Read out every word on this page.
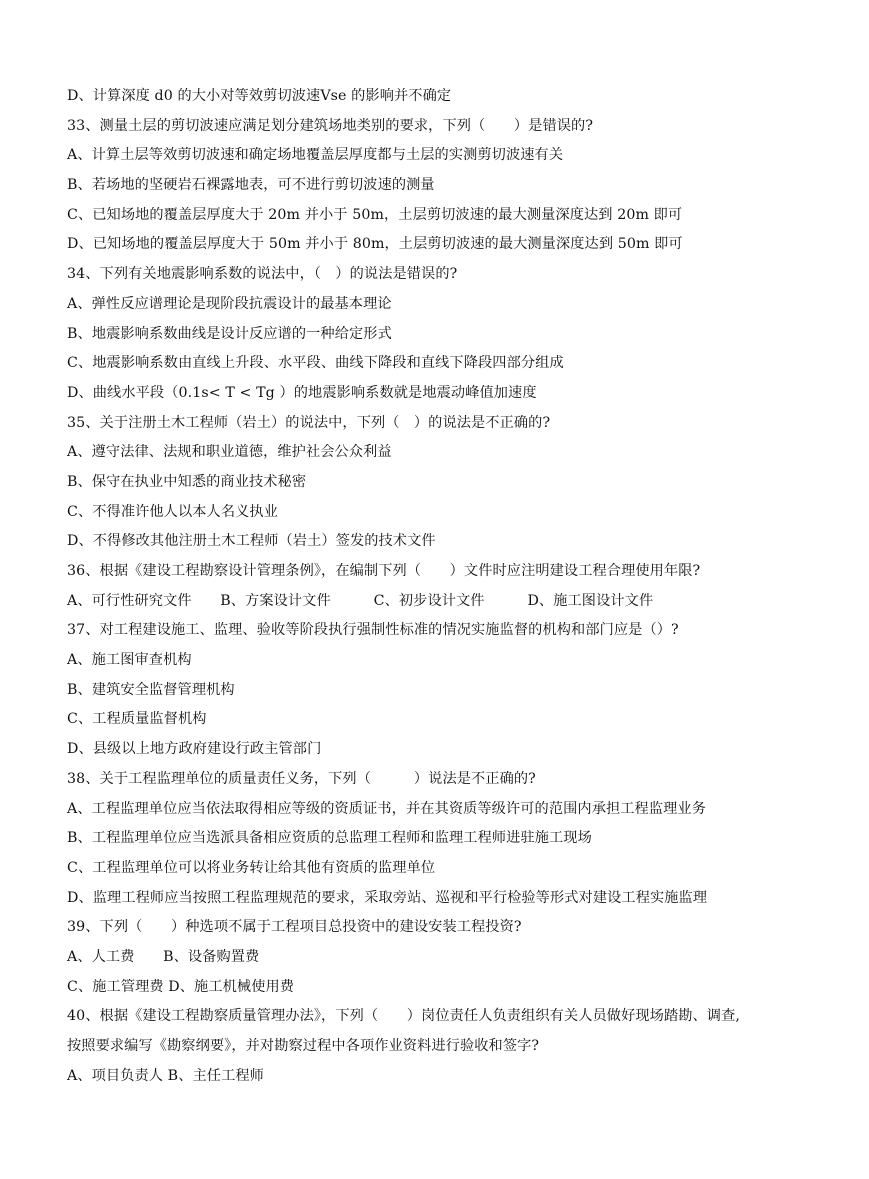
D、计算深度 d0 的大小对等效剪切波速Vse 的影响并不确定
33、测量土层的剪切波速应满足划分建筑场地类别的要求，下列（　　）是错误的?
A、计算土层等效剪切波速和确定场地覆盖层厚度都与土层的实测剪切波速有关
B、若场地的坚硬岩石裸露地表，可不进行剪切波速的测量
C、已知场地的覆盖层厚度大于 20m 并小于 50m，土层剪切波速的最大测量深度达到 20m 即可
D、已知场地的覆盖层厚度大于 50m 并小于 80m，土层剪切波速的最大测量深度达到 50m 即可
34、下列有关地震影响系数的说法中，（　）的说法是错误的?
A、弹性反应谱理论是现阶段抗震设计的最基本理论
B、地震影响系数曲线是设计反应谱的一种给定形式
C、地震影响系数由直线上升段、水平段、曲线下降段和直线下降段四部分组成
D、曲线水平段（0.1s< T < Tg ）的地震影响系数就是地震动峰值加速度
35、关于注册土木工程师（岩土）的说法中，下列（　）的说法是不正确的?
A、遵守法律、法规和职业道德，维护社会公众利益
B、保守在执业中知悉的商业技术秘密
C、不得准许他人以本人名义执业
D、不得修改其他注册土木工程师（岩土）签发的技术文件
36、根据《建设工程勘察设计管理条例》，在编制下列（　　）文件时应注明建设工程合理使用年限?
A、可行性研究文件　　B、方案设计文件　　　C、初步设计文件　　　D、施工图设计文件
37、对工程建设施工、监理、验收等阶段执行强制性标准的情况实施监督的机构和部门应是（）?
A、施工图审查机构
B、建筑安全监督管理机构
C、工程质量监督机构
D、县级以上地方政府建设行政主管部门
38、关于工程监理单位的质量责任义务，下列（　　　）说法是不正确的?
A、工程监理单位应当依法取得相应等级的资质证书，并在其资质等级许可的范围内承担工程监理业务
B、工程监理单位应当选派具备相应资质的总监理工程师和监理工程师进驻施工现场
C、工程监理单位可以将业务转让给其他有资质的监理单位
D、监理工程师应当按照工程监理规范的要求，采取旁站、巡视和平行检验等形式对建设工程实施监理
39、下列（　　）种选项不属于工程项目总投资中的建设安装工程投资?
A、人工费　　B、设备购置费
C、施工管理费 D、施工机械使用费
40、根据《建设工程勘察质量管理办法》，下列（　　）岗位责任人负责组织有关人员做好现场踏勘、调查,
按照要求编写《勘察纲要》，并对勘察过程中各项作业资料进行验收和签字?
A、项目负责人 B、主任工程师
